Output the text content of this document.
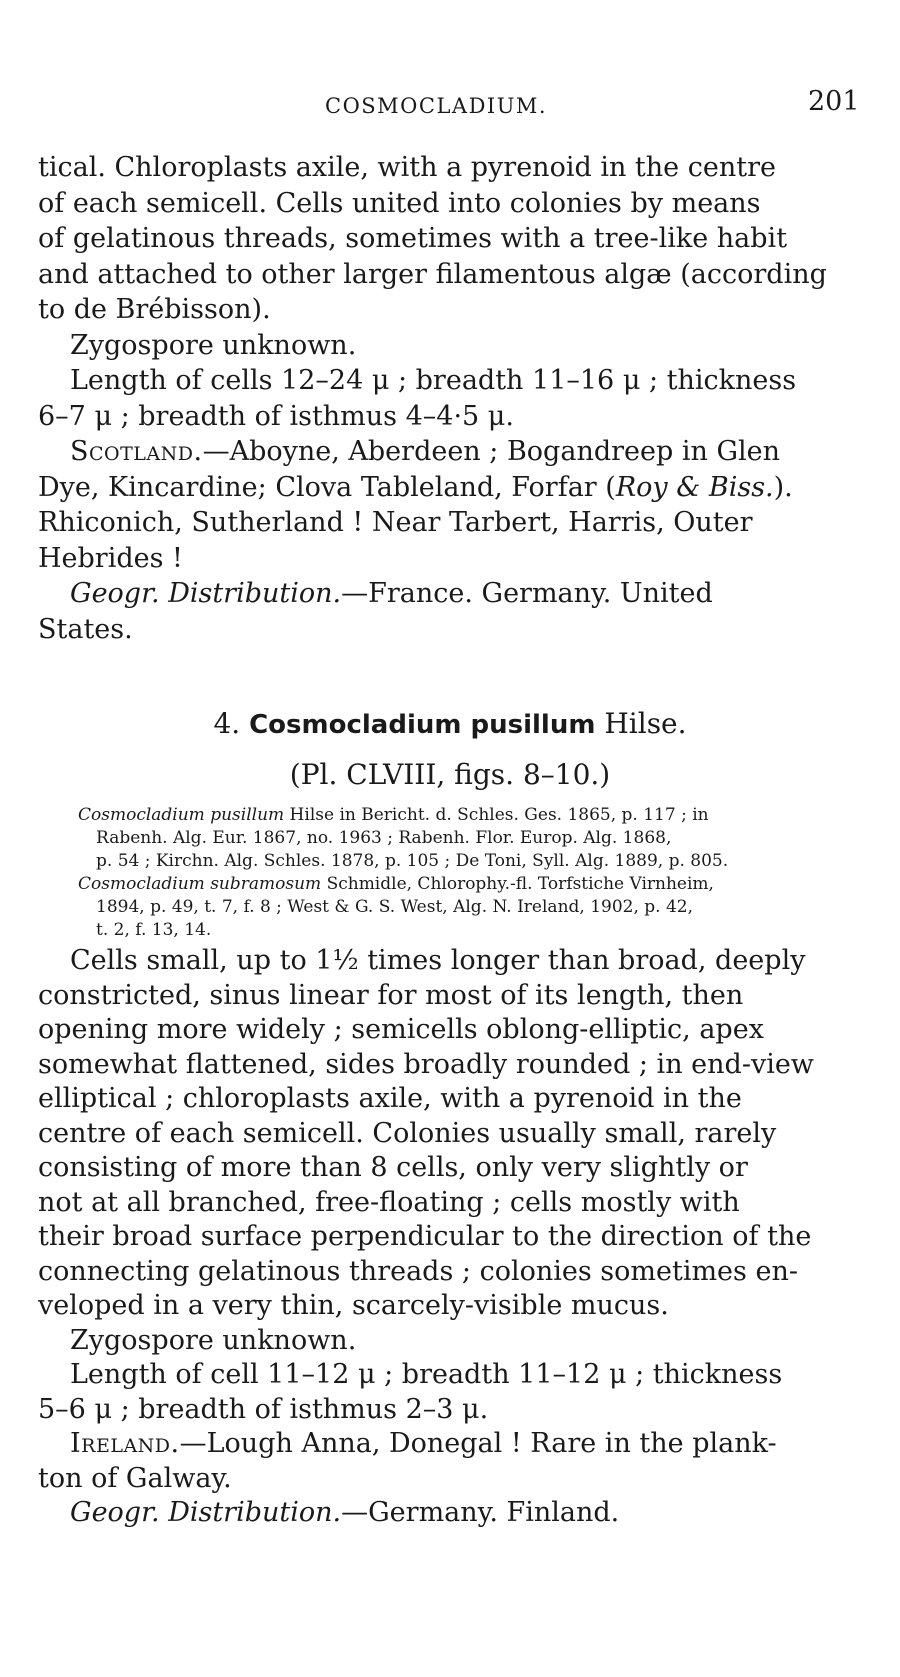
COSMOCLADIUM.	201
tical. Chloroplasts axile, with a pyrenoid in the centre
of each semicell. Cells united into colonies by means
of gelatinous threads, sometimes with a tree-like habit
and attached to other larger filamentous algæ (according
to de Brébisson).
Zygospore unknown.
Length of cells 12–24 μ ; breadth 11–16 μ ; thickness
6–7 μ ; breadth of isthmus 4–4·5 μ.
Scotland.—Aboyne, Aberdeen ; Bogandreep in Glen
Dye, Kincardine; Clova Tableland, Forfar (Roy & Biss.).
Rhiconich, Sutherland ! Near Tarbert, Harris, Outer
Hebrides !
Geogr. Distribution.—France. Germany. United
States.
4. Cosmocladium pusillum Hilse.
(Pl. CLVIII, figs. 8–10.)
Cosmocladium pusillum Hilse in Bericht. d. Schles. Ges. 1865, p. 117 ; in
Rabenh. Alg. Eur. 1867, no. 1963 ; Rabenh. Flor. Europ. Alg. 1868,
p. 54 ; Kirchn. Alg. Schles. 1878, p. 105 ; De Toni, Syll. Alg. 1889, p. 805.
Cosmocladium subramosum Schmidle, Chlorophy.-fl. Torfstiche Virnheim,
1894, p. 49, t. 7, f. 8 ; West & G. S. West, Alg. N. Ireland, 1902, p. 42,
t. 2, f. 13, 14.
Cells small, up to 1½ times longer than broad, deeply
constricted, sinus linear for most of its length, then
opening more widely ; semicells oblong-elliptic, apex
somewhat flattened, sides broadly rounded ; in end-view
elliptical ; chloroplasts axile, with a pyrenoid in the
centre of each semicell. Colonies usually small, rarely
consisting of more than 8 cells, only very slightly or
not at all branched, free-floating ; cells mostly with
their broad surface perpendicular to the direction of the
connecting gelatinous threads ; colonies sometimes en-
veloped in a very thin, scarcely-visible mucus.
Zygospore unknown.
Length of cell 11–12 μ ; breadth 11–12 μ ; thickness
5–6 μ ; breadth of isthmus 2–3 μ.
Ireland.—Lough Anna, Donegal ! Rare in the plank-
ton of Galway.
Geogr. Distribution.—Germany. Finland.
